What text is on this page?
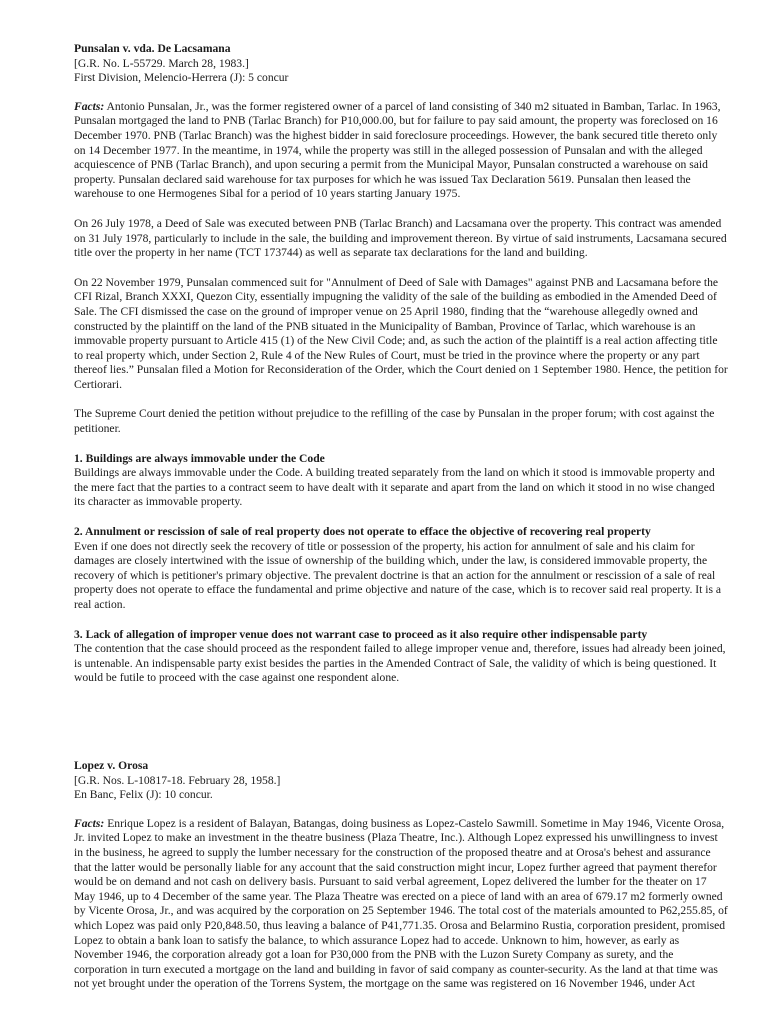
Punsalan v. vda. De Lacsamana
[G.R. No. L-55729. March 28, 1983.]
First Division, Melencio-Herrera (J): 5 concur

Facts: Antonio Punsalan, Jr., was the former registered owner of a parcel of land consisting of 340 m2 situated in Bamban, Tarlac. In 1963, Punsalan mortgaged the land to PNB (Tarlac Branch) for P10,000.00, but for failure to pay said amount, the property was foreclosed on 16 December 1970. PNB (Tarlac Branch) was the highest bidder in said foreclosure proceedings. However, the bank secured title thereto only on 14 December 1977. In the meantime, in 1974, while the property was still in the alleged possession of Punsalan and with the alleged acquiescence of PNB (Tarlac Branch), and upon securing a permit from the Municipal Mayor, Punsalan constructed a warehouse on said property. Punsalan declared said warehouse for tax purposes for which he was issued Tax Declaration 5619. Punsalan then leased the warehouse to one Hermogenes Sibal for a period of 10 years starting January 1975.

On 26 July 1978, a Deed of Sale was executed between PNB (Tarlac Branch) and Lacsamana over the property. This contract was amended on 31 July 1978, particularly to include in the sale, the building and improvement thereon. By virtue of said instruments, Lacsamana secured title over the property in her name (TCT 173744) as well as separate tax declarations for the land and building.

On 22 November 1979, Punsalan commenced suit for "Annulment of Deed of Sale with Damages" against PNB and Lacsamana before the CFI Rizal, Branch XXXI, Quezon City, essentially impugning the validity of the sale of the building as embodied in the Amended Deed of Sale. The CFI dismissed the case on the ground of improper venue on 25 April 1980, finding that the “warehouse allegedly owned and constructed by the plaintiff on the land of the PNB situated in the Municipality of Bamban, Province of Tarlac, which warehouse is an immovable property pursuant to Article 415 (1) of the New Civil Code; and, as such the action of the plaintiff is a real action affecting title to real property which, under Section 2, Rule 4 of the New Rules of Court, must be tried in the province where the property or any part thereof lies.” Punsalan filed a Motion for Reconsideration of the Order, which the Court denied on 1 September 1980. Hence, the petition for Certiorari.

The Supreme Court denied the petition without prejudice to the refilling of the case by Punsalan in the proper forum; with cost against the petitioner.

1. Buildings are always immovable under the Code
Buildings are always immovable under the Code. A building treated separately from the land on which it stood is immovable property and the mere fact that the parties to a contract seem to have dealt with it separate and apart from the land on which it stood in no wise changed its character as immovable property.

2. Annulment or rescission of sale of real property does not operate to efface the objective of recovering real property
Even if one does not directly seek the recovery of title or possession of the property, his action for annulment of sale and his claim for damages are closely intertwined with the issue of ownership of the building which, under the law, is considered immovable property, the recovery of which is petitioner's primary objective. The prevalent doctrine is that an action for the annulment or rescission of a sale of real property does not operate to efface the fundamental and prime objective and nature of the case, which is to recover said real property. It is a real action.

3. Lack of allegation of improper venue does not warrant case to proceed as it also require other indispensable party
The contention that the case should proceed as the respondent failed to allege improper venue and, therefore, issues had already been joined, is untenable. An indispensable party exist besides the parties in the Amended Contract of Sale, the validity of which is being questioned. It would be futile to proceed with the case against one respondent alone.

Lopez v. Orosa
[G.R. Nos. L-10817-18. February 28, 1958.]
En Banc, Felix (J): 10 concur.

Facts: Enrique Lopez is a resident of Balayan, Batangas, doing business as Lopez-Castelo Sawmill. Sometime in May 1946, Vicente Orosa, Jr. invited Lopez to make an investment in the theatre business (Plaza Theatre, Inc.). Although Lopez expressed his unwillingness to invest in the business, he agreed to supply the lumber necessary for the construction of the proposed theatre and at Orosa's behest and assurance that the latter would be personally liable for any account that the said construction might incur, Lopez further agreed that payment therefor would be on demand and not cash on delivery basis. Pursuant to said verbal agreement, Lopez delivered the lumber for the theater on 17 May 1946, up to 4 December of the same year. The Plaza Theatre was erected on a piece of land with an area of 679.17 m2 formerly owned by Vicente Orosa, Jr., and was acquired by the corporation on 25 September 1946. The total cost of the materials amounted to P62,255.85, of which Lopez was paid only P20,848.50, thus leaving a balance of P41,771.35. Orosa and Belarmino Rustia, corporation president, promised Lopez to obtain a bank loan to satisfy the balance, to which assurance Lopez had to accede. Unknown to him, however, as early as November 1946, the corporation already got a loan for P30,000 from the PNB with the Luzon Surety Company as surety, and the corporation in turn executed a mortgage on the land and building in favor of said company as counter-security. As the land at that time was not yet brought under the operation of the Torrens System, the mortgage on the same was registered on 16 November 1946, under Act
